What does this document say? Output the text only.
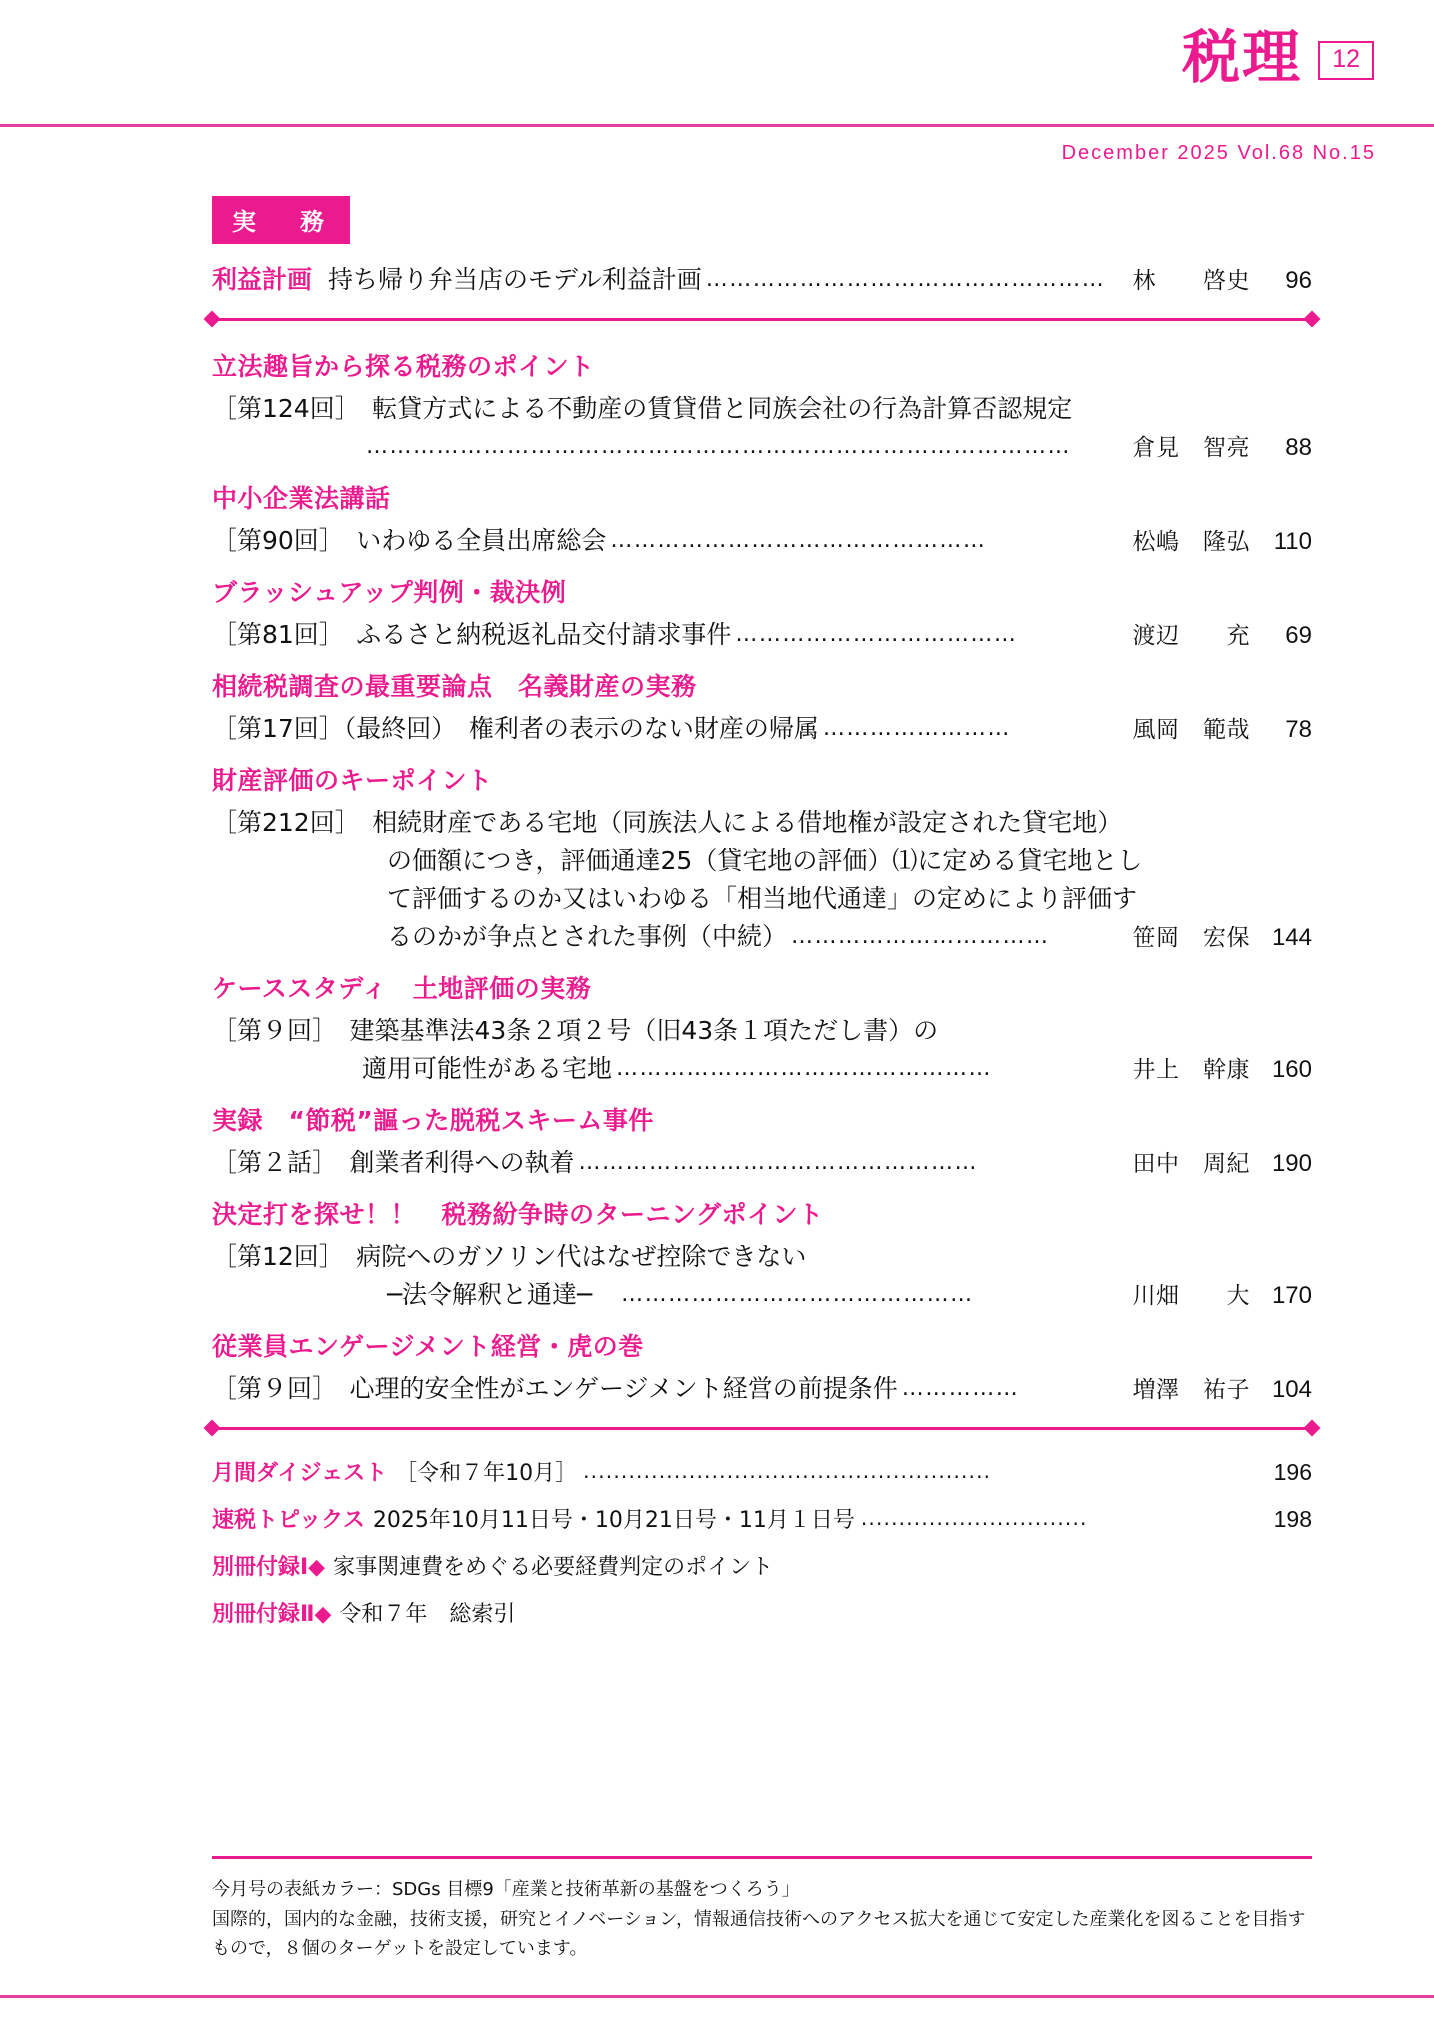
税理	12
December 2025 Vol.68 No.15
実　務
利益計画 持ち帰り弁当店のモデル利益計画 ……………………………………………	林　　啓史	96
立法趣旨から探る税務のポイント
［第124回］　転貸方式による不動産の賃貸借と同族会社の行為計算否認規定

………………………………………………………………………………	倉見　智亮	88
中小企業法講話
［第90回］　いわゆる全員出席総会 …………………………………………	松嶋　隆弘 110
ブラッシュアップ判例・裁決例
［第81回］　ふるさと納税返礼品交付請求事件 ………………………………	渡辺　　充	69
相続税調査の最重要論点　名義財産の実務
［第17回］（最終回）　権利者の表示のない財産の帰属 ……………………	風岡　範哉	78
財産評価のキーポイント
［第212回］　相続財産である宅地（同族法人による借地権が設定された貸宅地）
　　　　　　　の価額につき，評価通達25（貸宅地の評価）⑴に定める貸宅地とし
　　　　　　　て評価するのか又はいわゆる「相当地代通達」の定めにより評価す
　　　　　　　るのかが争点とされた事例（中続） ……………………………	笹岡　宏保 144
ケーススタディ　土地評価の実務
［第９回］　建築基準法43条２項２号（旧43条１項ただし書）の
　　　　　　適用可能性がある宅地 …………………………………………	井上　幹康 160
実録　“節税”謳った脱税スキーム事件
［第２話］　創業者利得への執着 ……………………………………………	田中　周紀 190
決定打を探せ！！　税務紛争時のターニングポイント
［第12回］　病院へのガソリン代はなぜ控除できない
　　　　　　　─法令解釈と通達─　 ………………………………………	川畑　　大 170
従業員エンゲージメント経営・虎の巻
［第９回］　心理的安全性がエンゲージメント経営の前提条件 ……………	増澤　祐子 104
月間ダイジェスト ［令和７年10月］ ......................................................	196
速税トピックス 2025年10月11日号・10月21日号・11月１日号 ..............................	198
別冊付録Ⅰ◆ 家事関連費をめぐる必要経費判定のポイント
別冊付録Ⅱ◆ 令和７年　総索引
今月号の表紙カラー：SDGs 目標9「産業と技術革新の基盤をつくろう」
国際的，国内的な金融，技術支援，研究とイノベーション，情報通信技術へのアクセス拡大を通じて安定した産業化を図ることを目指す
もので，８個のターゲットを設定しています。
